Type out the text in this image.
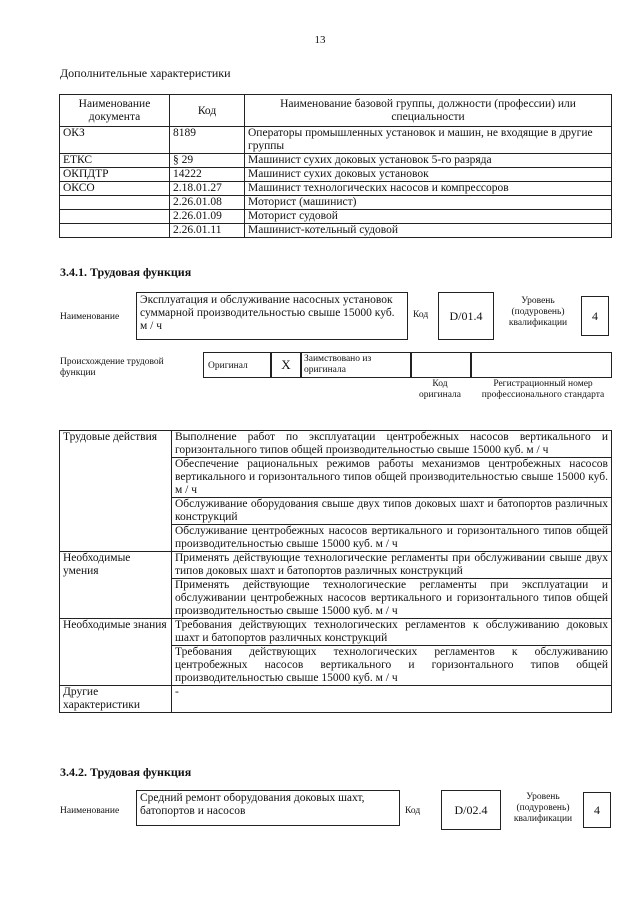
13
Дополнительные характеристики
Наименование документа	Код	Наименование базовой группы, должности (профессии) или специальности
ОКЗ	8189	Операторы промышленных установок и машин, не входящие в другие группы
ЕТКС	§ 29	Машинист сухих доковых установок 5-го разряда
ОКПДТР	14222	Машинист сухих доковых установок
ОКСО	2.18.01.27	Машинист технологических насосов и компрессоров
	2.26.01.08	Моторист (машинист)
	2.26.01.09	Моторист судовой
	2.26.01.11	Машинист-котельный судовой
3.4.1. Трудовая функция
Наименование
Эксплуатация и обслуживание насосных установок суммарной производительностью свыше 15000 куб. м / ч
Код	D/01.4
Уровень (подуровень) квалификации
4
Происхождение трудовой функции
Оригинал	X	Заимствовано из оригинала
Код оригинала
Регистрационный номер профессионального стандарта
Трудовые действия	Выполнение работ по эксплуатации центробежных насосов вертикального и горизонтального типов общей производительностью свыше 15000 куб. м / ч
	Обеспечение рациональных режимов работы механизмов центробежных насосов вертикального и горизонтального типов общей производительностью свыше 15000 куб. м / ч
	Обслуживание оборудования свыше двух типов доковых шахт и батопортов различных конструкций
	Обслуживание центробежных насосов вертикального и горизонтального типов общей производительностью свыше 15000 куб. м / ч
Необходимые умения	Применять действующие технологические регламенты при обслуживании свыше двух типов доковых шахт и батопортов различных конструкций
	Применять действующие технологические регламенты при эксплуатации и обслуживании центробежных насосов вертикального и горизонтального типов общей производительностью свыше 15000 куб. м / ч
Необходимые знания	Требования действующих технологических регламентов к обслуживанию доковых шахт и батопортов различных конструкций
	Требования действующих технологических регламентов к обслуживанию центробежных насосов вертикального и горизонтального типов общей производительностью свыше 15000 куб. м / ч
Другие характеристики	-
3.4.2. Трудовая функция
Наименование
Средний ремонт оборудования доковых шахт, батопортов и насосов	Код	D/02.4
Уровень (подуровень) квалификации
4
